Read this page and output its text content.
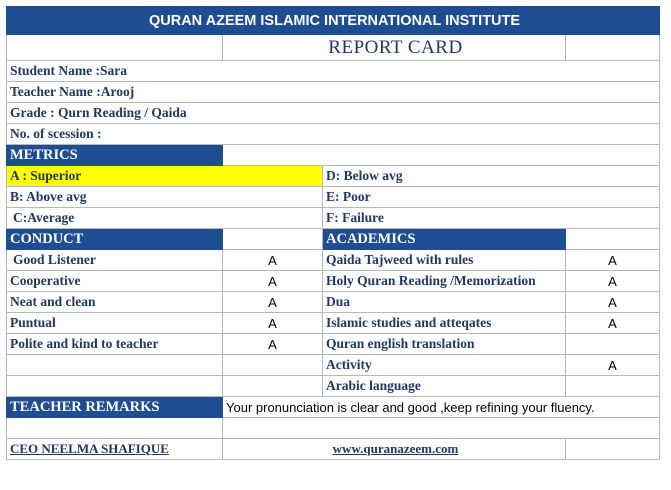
QURAN AZEEM ISLAMIC INTERNATIONAL INSTITUTE			
	REPORT CARD		
Student Name :Sara			
Teacher Name :Arooj			
Grade : Qurn Reading / Qaida			
No. of scession :			
METRICS			
A : Superior		D: Below avg	
B: Above avg		E: Poor	
C:Average		F: Failure	
CONDUCT		ACADEMICS	
Good Listener	A	Qaida Tajweed with rules	A
Cooperative	A	Holy Quran Reading /Memorization	A
Neat and clean	A	Dua	A
Puntual	A	Islamic studies and atteqates	A
Polite and kind to teacher	A	Quran english translation	
		Activity	A
		Arabic language	
TEACHER REMARKS	Your pronunciation is clear and good ,keep refining your fluency.		

CEO NEELMA SHAFIQUE	www.quranazeem.com		
